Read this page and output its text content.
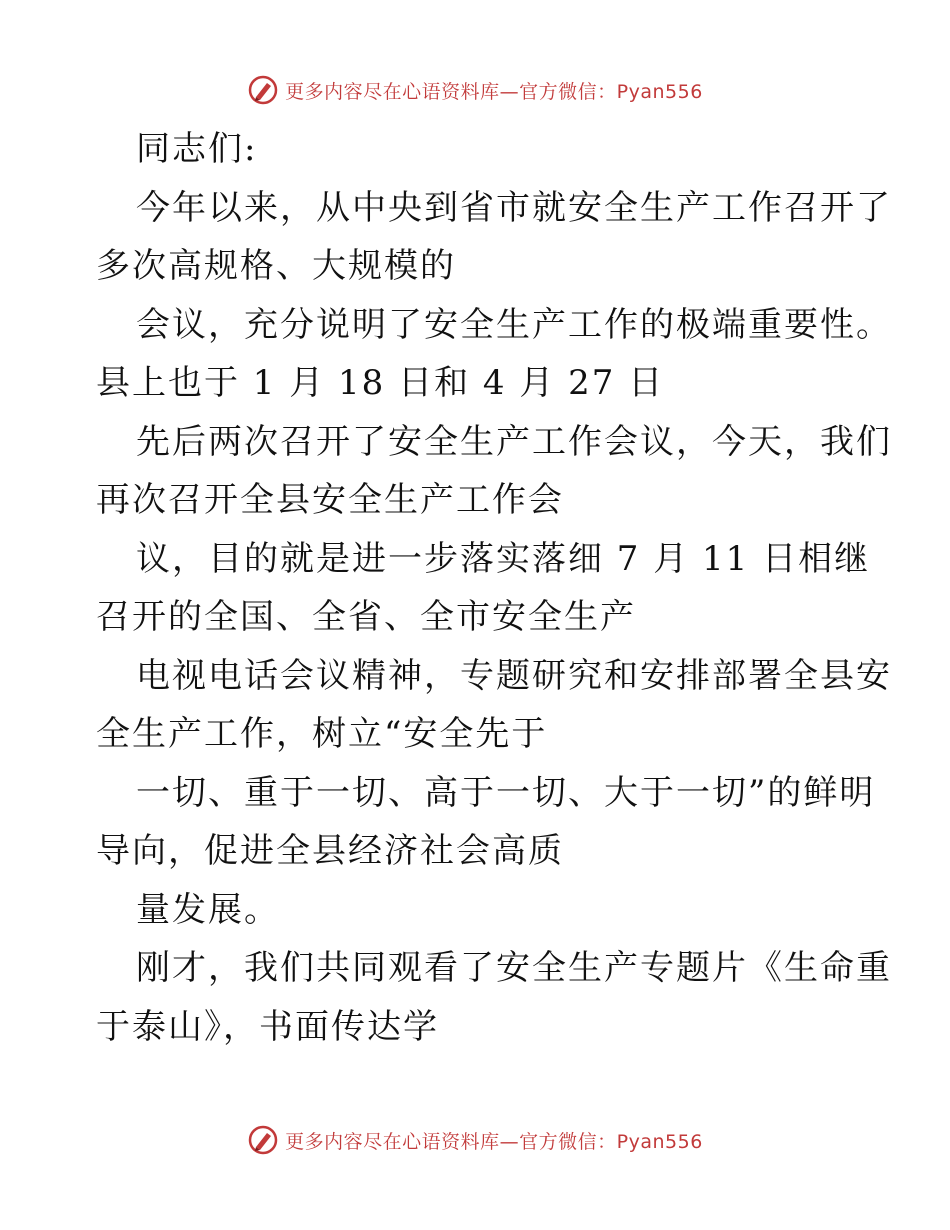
更多内容尽在心语资料库—官方微信：Pyan556
同志们:
今年以来，从中央到省市就安全生产工作召开了
多次高规格、大规模的
会议，充分说明了安全生产工作的极端重要性。
县上也于 1 月 18 日和 4 月 27 日
先后两次召开了安全生产工作会议，今天，我们
再次召开全县安全生产工作会
议，目的就是进一步落实落细 7 月 11 日相继
召开的全国、全省、全市安全生产
电视电话会议精神，专题研究和安排部署全县安
全生产工作，树立“安全先于
一切、重于一切、高于一切、大于一切”的鲜明
导向，促进全县经济社会高质
量发展。
刚才，我们共同观看了安全生产专题片《生命重
于泰山》，书面传达学
更多内容尽在心语资料库—官方微信：Pyan556
